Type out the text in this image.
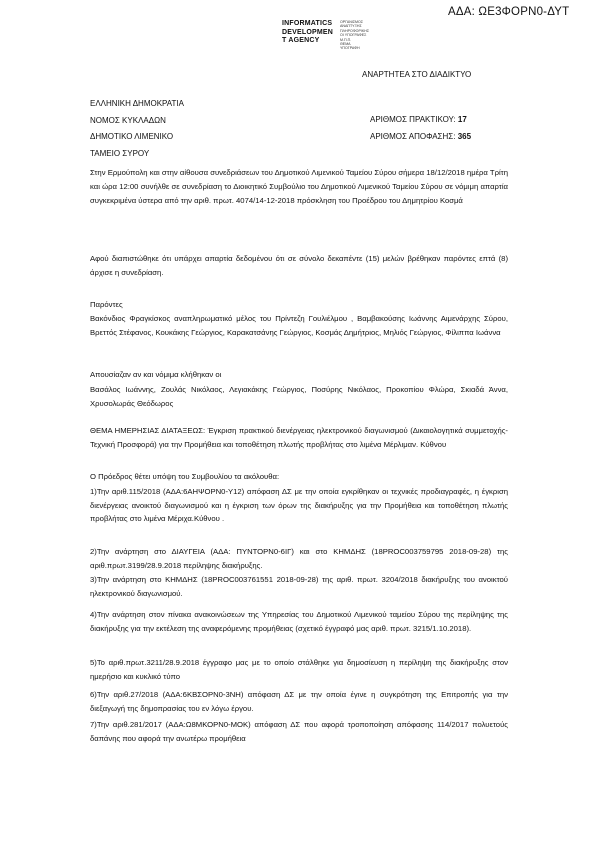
ΑΔΑ: ΩΕ3ΦΟΡΝ0-ΔΥΤ
INFORMATICS
DEVELOPMEN
T AGENCY
ΟΡΓΑΝΙΣΜΟΣ
ΑΝΑΠΤΥΞΗΣ
ΠΛΗΡΟΦΟΡΙΚΗΣ
ΟΙ ΥΠΟΓΡΑΦΕΣ
Μ.Π.Π.
ΘΕΜΑ
ΥΠΟΓΡΑΦΗ
ΑΝΑΡΤΗΤΕΑ ΣΤΟ ΔΙΑΔΙΚΤΥΟ
ΕΛΛΗΝΙΚΗ ΔΗΜΟΚΡΑΤΙΑ
ΝΟΜΟΣ ΚΥΚΛΑΔΩΝ
ΔΗΜΟΤΙΚΟ ΛΙΜΕΝΙΚΟ
ΤΑΜΕΙΟ ΣΥΡΟΥ
ΑΡΙΘΜΟΣ ΠΡΑΚΤΙΚΟΥ: 17
ΑΡΙΘΜΟΣ ΑΠΟΦΑΣΗΣ: 365
Στην Ερμούπολη και στην αίθουσα συνεδριάσεων του Δημοτικού Λιμενικού Ταμείου Σύρου σήμερα 18/12/2018 ημέρα Τρίτη και ώρα 12:00 συνήλθε σε συνεδρίαση το Διοικητικό Συμβούλιο του Δημοτικού Λιμενικού Ταμείου Σύρου σε νόμιμη απαρτία συγκεκριμένα ύστερα από την αριθ. πρωτ. 4074/14-12-2018 πρόσκληση του Προέδρου του Δημητρίου Κοσμά
Αφού διαπιστώθηκε ότι υπάρχει απαρτία δεδομένου ότι σε σύνολο δεκαπέντε (15) μελών βρέθηκαν παρόντες επτά (8) άρχισε η συνεδρίαση.
Παρόντες
Βακόνδιος Φραγκίσκος αναπληρωματικό μέλος του Πρίντεζη Γουλιέλμου , Βαμβακούσης Ιωάννης Αιμενάρχης Σύρου, Βρεττός Στέφανος, Κουκάκης Γεώργιος, Καρακατσάνης Γεώργιος, Κοσμάς Δημήτριος, Μηλιός Γεώργιος, Φίλιππα Ιωάννα
Απουσίαζαν αν και νόμιμα κλήθηκαν οι
Βασάλος Ιωάννης, Ζουλάς Νικόλαος, Λεγιακάκης Γεώργιος, Ποσύρης Νικόλαος, Προκοπίου Φλώρα, Σκιαδά Άννα, Χρυσολωράς Θεόδωρος
ΘΕΜΑ ΗΜΕΡΗΣΙΑΣ ΔΙΑΤΑΞΕΩΣ: Έγκριση πρακτικού διενέργειας ηλεκτρονικού διαγωνισμού (Δικαιολογητικά συμμετοχής-Τεχνική Προσφορά) για την Προμήθεια και τοποθέτηση πλωτής προβλήτας στο λιμένα Μέρλιμαν. Κύθνου
Ο Πρόεδρος θέτει υπόψη του Συμβουλίου τα ακόλουθα:
1)Την αριθ.115/2018 (ΑΔΑ:6ΑΗΨΟΡΝ0-Υ12) απόφαση ΔΣ με την οποία εγκρίθηκαν οι τεχνικές προδιαγραφές, η έγκριση διενέργειας ανοικτού διαγωνισμού και η έγκριση των όρων της διακήρυξης για την Προμήθεια και τοποθέτηση πλωτής προβλήτας στο λιμένα Μέριχα.Κύθνου .
2)Την ανάρτηση στο ΔΙΑΥΓΕΙΑ (ΑΔΑ: ΠΥΝΤΟΡΝ0-6ΙΓ) και στο ΚΗΜΔΗΣ (18PROC003759795 2018-09-28) της αριθ.πρωτ.3199/28.9.2018 περίληψης διακήρυξης.
3)Την ανάρτηση στο ΚΗΜΔΗΣ (18PROC003761551 2018-09-28) της αριθ. πρωτ. 3204/2018 διακήρυξης του ανοικτού ηλεκτρονικού διαγωνισμού.
4)Την ανάρτηση στον πίνακα ανακοινώσεων της Υπηρεσίας του Δημοτικού Λιμενικού ταμείου Σύρου της περίληψης της διακήρυξης για την εκτέλεση της αναφερόμενης προμήθειας (σχετικό έγγραφό μας αριθ. πρωτ. 3215/1.10.2018).
5)Το αριθ.πρωτ.3211/28.9.2018 έγγραφο μας με το οποίο στάλθηκε για δημοσίευση η περίληψη της διακήρυξης στον ημερήσιο και κυκλικό τύπο
6)Την αριθ.27/2018 (ΑΔΑ:6ΚΒΣΟΡΝ0-3ΝΗ) απόφαση ΔΣ με την οποία έγινε η συγκρότηση της Επιτροπής για την διεξαγωγή της δημοπρασίας του εν λόγω έργου.
7)Την αριθ.281/2017 (ΑΔΑ:Ω8ΜΚΟΡΝ0-ΜΟΚ) απόφαση ΔΣ που αφορά τροποποίηση απόφασης 114/2017 πολυετούς δαπάνης που αφορά την ανωτέρω προμήθεια
